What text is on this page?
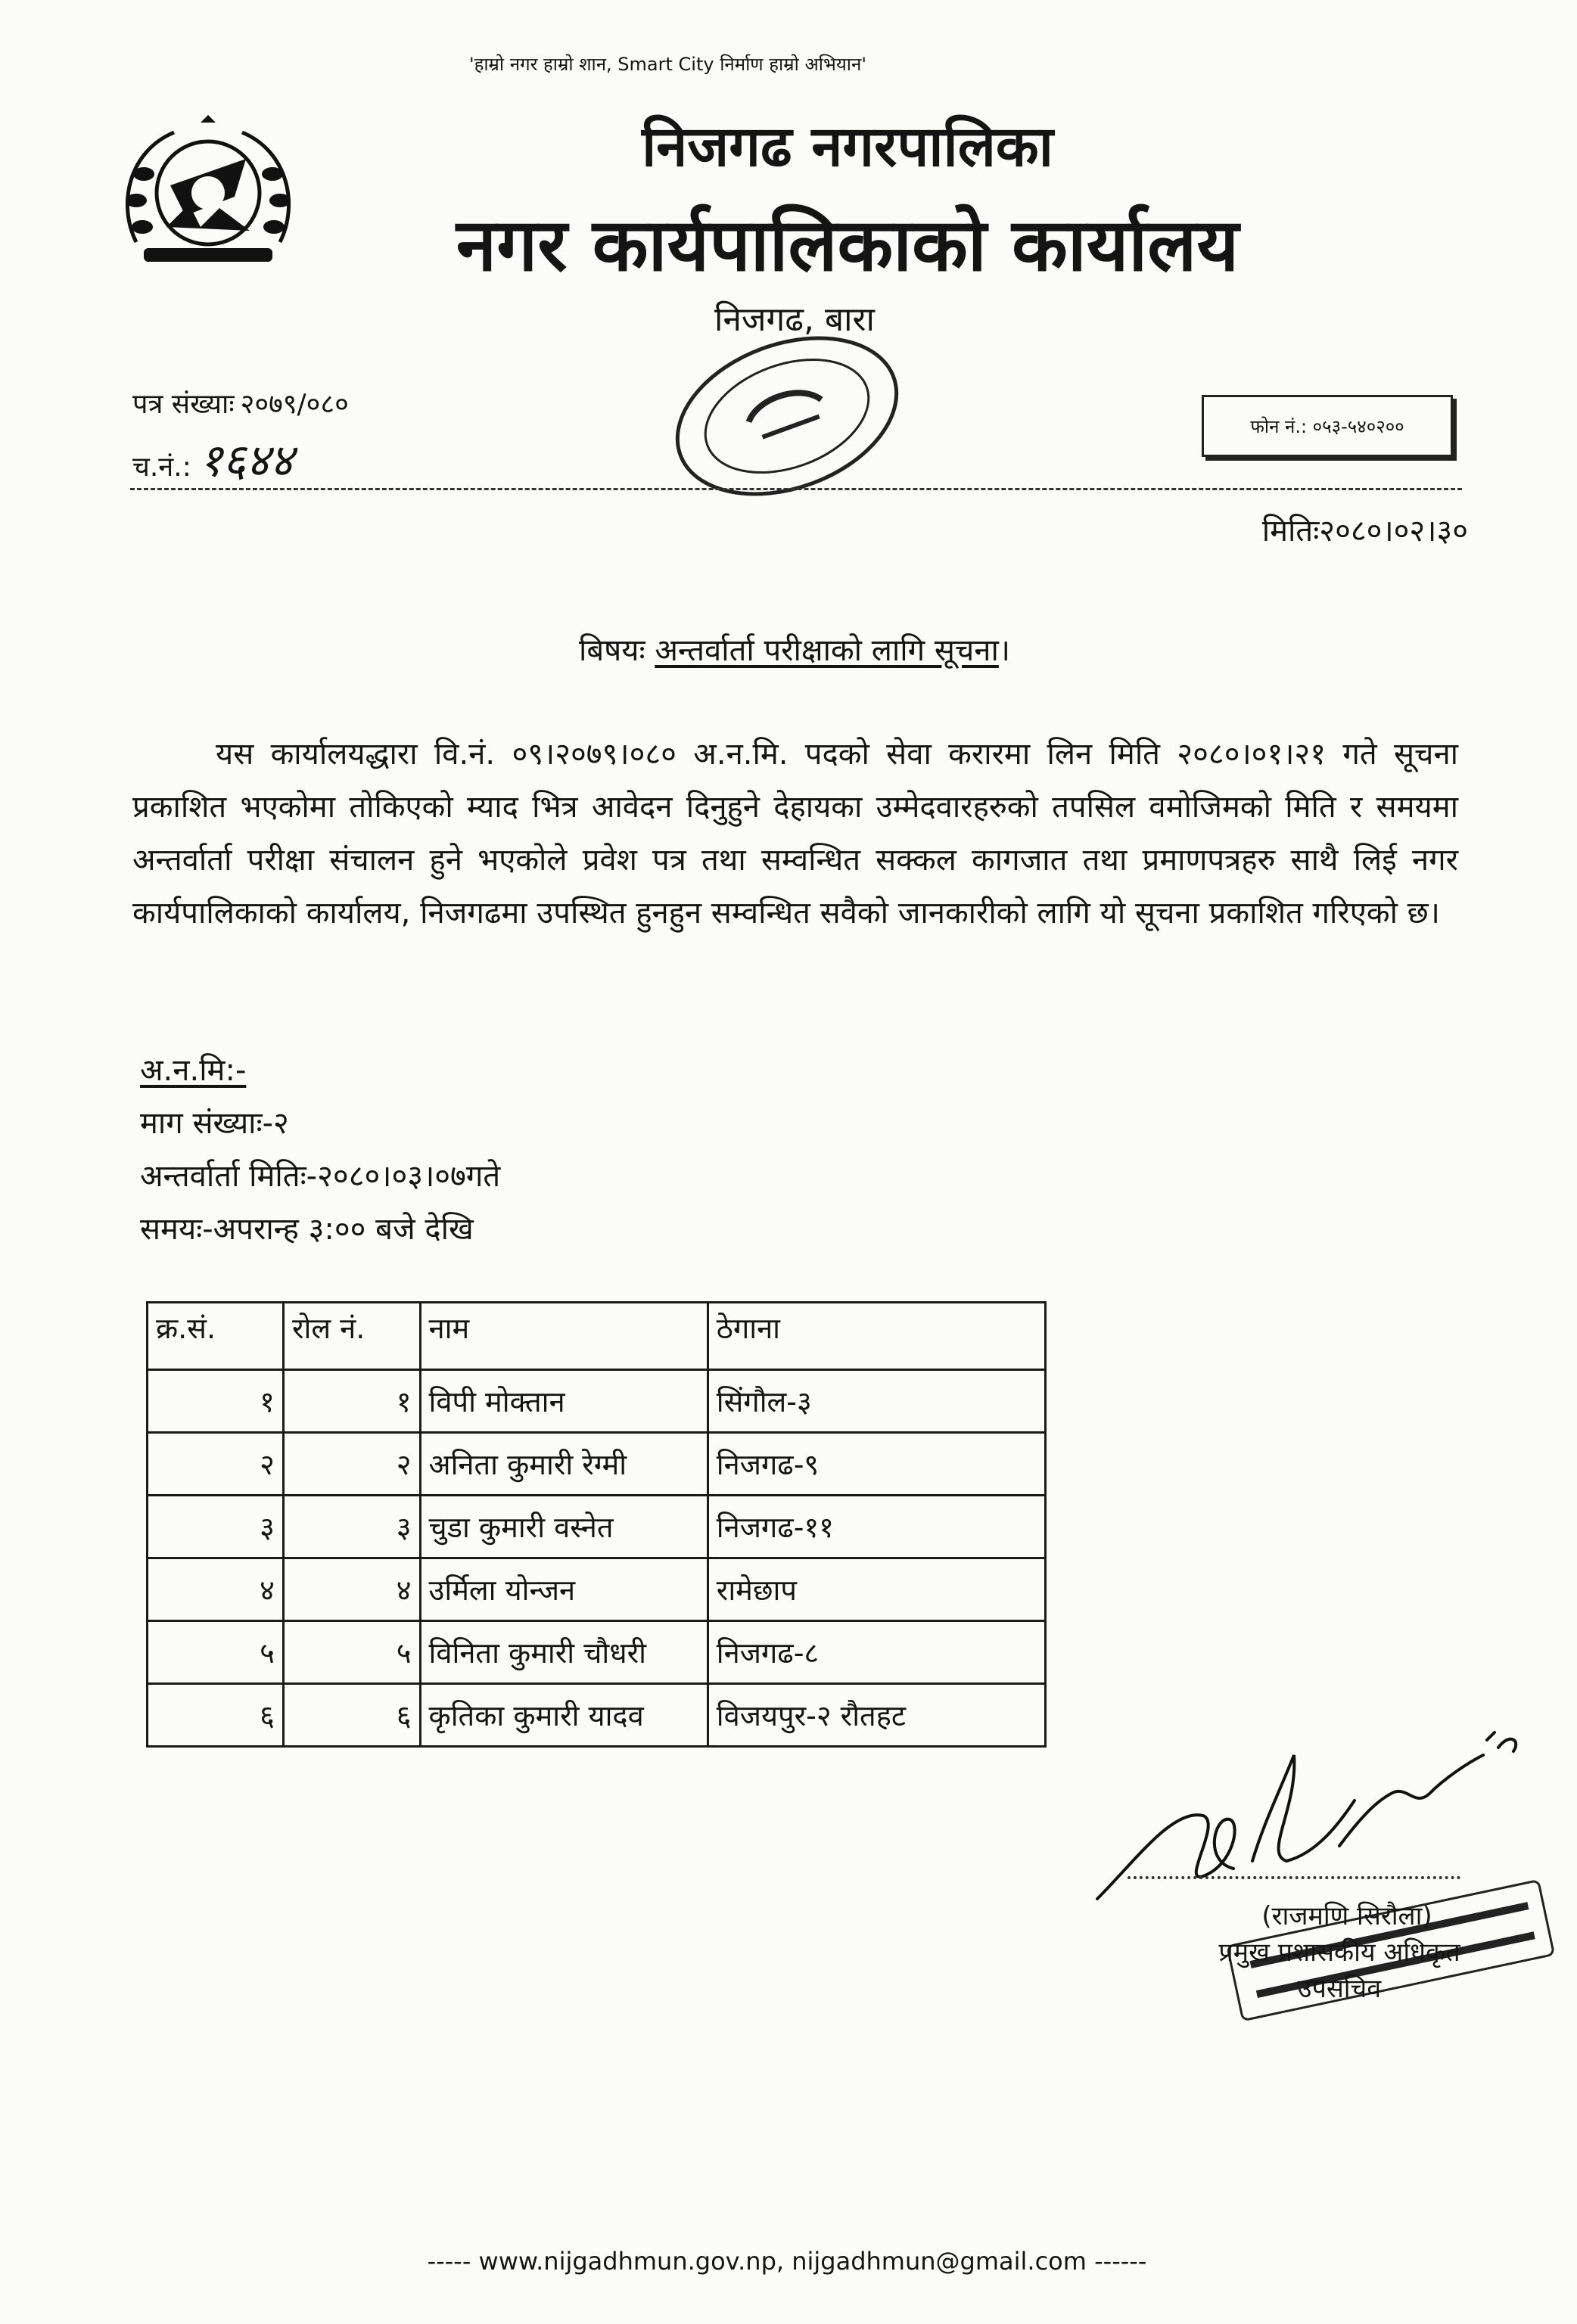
'हाम्रो नगर हाम्रो शान, Smart City निर्माण हाम्रो अभियान'
निजगढ नगरपालिका
नगर कार्यपालिकाको कार्यालय
निजगढ, बारा
पत्र संख्याः २०७९/०८०
च.नं.: १६४४
फोन नं.: ०५३-५४०२००
मितिः२०८०।०२।३०
बिषयः अन्तर्वार्ता परीक्षाको लागि सूचना।
यस कार्यालयद्धारा वि.नं. ०९।२०७९।०८० अ.न.मि. पदको सेवा करारमा लिन मिति २०८०।०१।२१ गते सूचना प्रकाशित भएकोमा तोकिएको म्याद भित्र आवेदन दिनुहुने देहायका उम्मेदवारहरुको तपसिल वमोजिमको मिति र समयमा अन्तर्वार्ता परीक्षा संचालन हुने भएकोले प्रवेश पत्र तथा सम्वन्धित सक्कल कागजात तथा प्रमाणपत्रहरु साथै लिई नगर कार्यपालिकाको कार्यालय, निजगढमा उपस्थित हुनहुन सम्वन्धित सवैको जानकारीको लागि यो सूचना प्रकाशित गरिएको छ।
अ.न.मि:-
माग संख्याः-२
अन्तर्वार्ता मितिः-२०८०।०३।०७गते
समयः-अपरान्ह ३:०० बजे देखि
क्र.सं.	रोल नं.	नाम	ठेगाना
१	१	विपी मोक्तान	सिंगौल-३
२	२	अनिता कुमारी रेग्मी	निजगढ-९
३	३	चुडा कुमारी वस्नेत	निजगढ-११
४	४	उर्मिला योन्जन	रामेछाप
५	५	विनिता कुमारी चौधरी	निजगढ-८
६	६	कृतिका कुमारी यादव	विजयपुर-२ रौतहट
(राजमणि सिरौला)
प्रमुख प्रशासकीय अधिकृत
उपसचिव
----- www.nijgadhmun.gov.np, nijgadhmun@gmail.com ------
